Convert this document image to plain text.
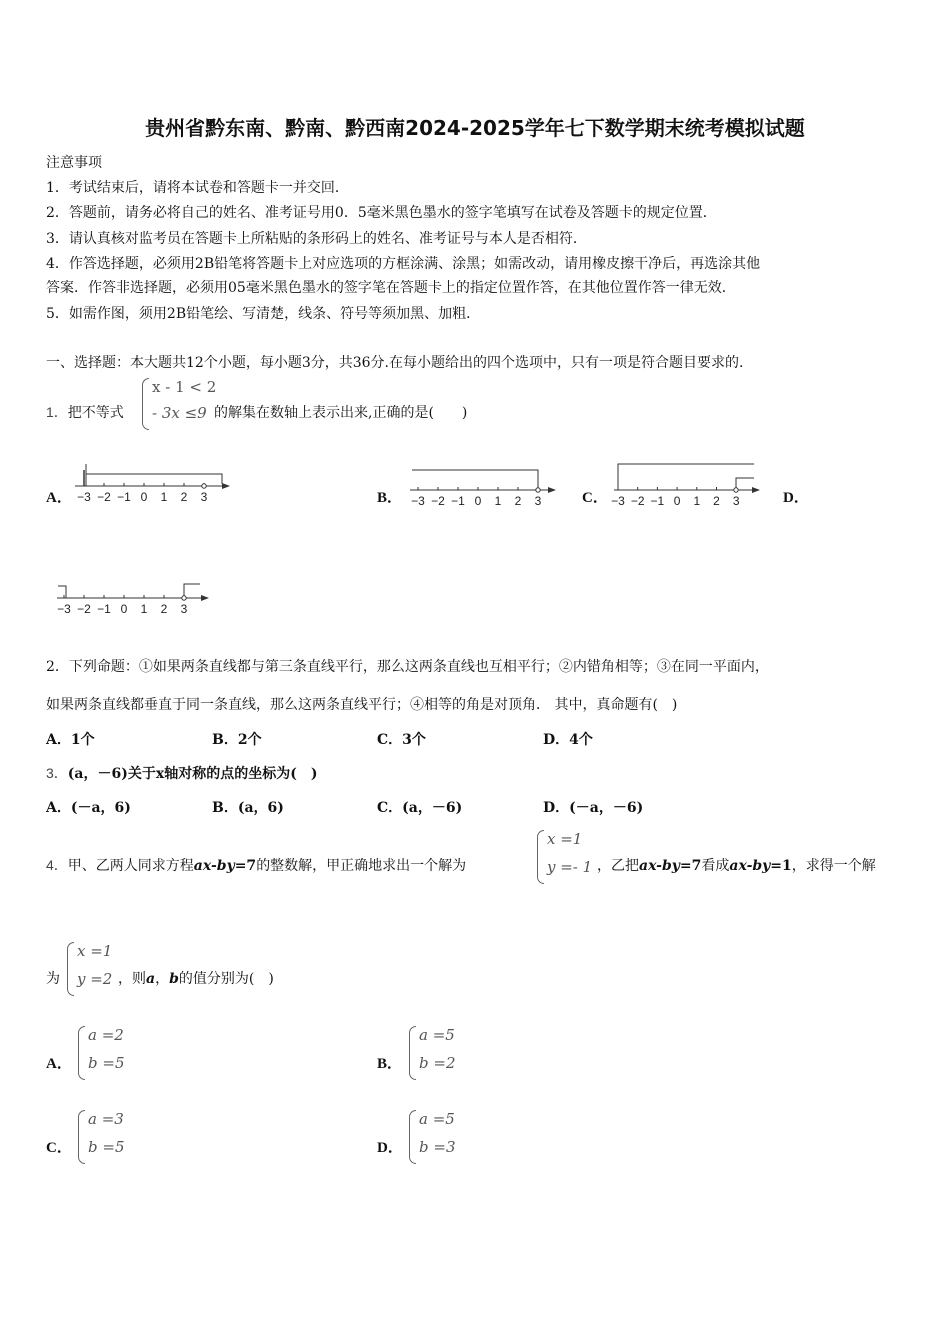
贵州省黔东南、黔南、黔西南2024-2025学年七下数学期末统考模拟试题
注意事项
1．考试结束后，请将本试卷和答题卡一并交回．
2．答题前，请务必将自己的姓名、准考证号用0．5毫米黑色墨水的签字笔填写在试卷及答题卡的规定位置．
3．请认真核对监考员在答题卡上所粘贴的条形码上的姓名、准考证号与本人是否相符．
4．作答选择题，必须用2B铅笔将答题卡上对应选项的方框涂满、涂黑；如需改动，请用橡皮擦干净后，再选涂其他
答案．作答非选择题，必须用05毫米黑色墨水的签字笔在答题卡上的指定位置作答，在其他位置作答一律无效．
5．如需作图，须用2B铅笔绘、写清楚，线条、符号等须加黑、加粗．
一、选择题：本大题共12个小题，每小题3分，共36分.在每小题给出的四个选项中，只有一项是符合题目要求的.
1．把不等式
x - 1 < 2
- 3x ≤9 的解集在数轴上表示出来,正确的是(　　)
A．	B．	C．	D．
−3 −2 −1 0 1 2 3	−3 −2 −1 0 1 2 3	−3 −2 −1 0 1 2 3
−3 −2 −1 0 1 2 3
2．下列命题：①如果两条直线都与第三条直线平行，那么这两条直线也互相平行；②内错角相等；③在同一平面内，
如果两条直线都垂直于同一条直线，那么这两条直线平行；④相等的角是对顶角． 其中，真命题有(　)
A．1个	B．2个	C．3个	D．4个
3．(a，－6)关于x轴对称的点的坐标为(　)
A．(－a，6)	B．(a，6)	C．(a，－6)	D．(－a，－6)
4．甲、乙两人同求方程ax-by=7的整数解，甲正确地求出一个解为
x =1
y =- 1 ，乙把ax-by=7看成ax-by=1，求得一个解
为
x =1
y =2 ，则a，b的值分别为(　)
A．
a =2
b =5	B．
a =5
b =2
C．
a =3
b =5	D．
a =5
b =3
